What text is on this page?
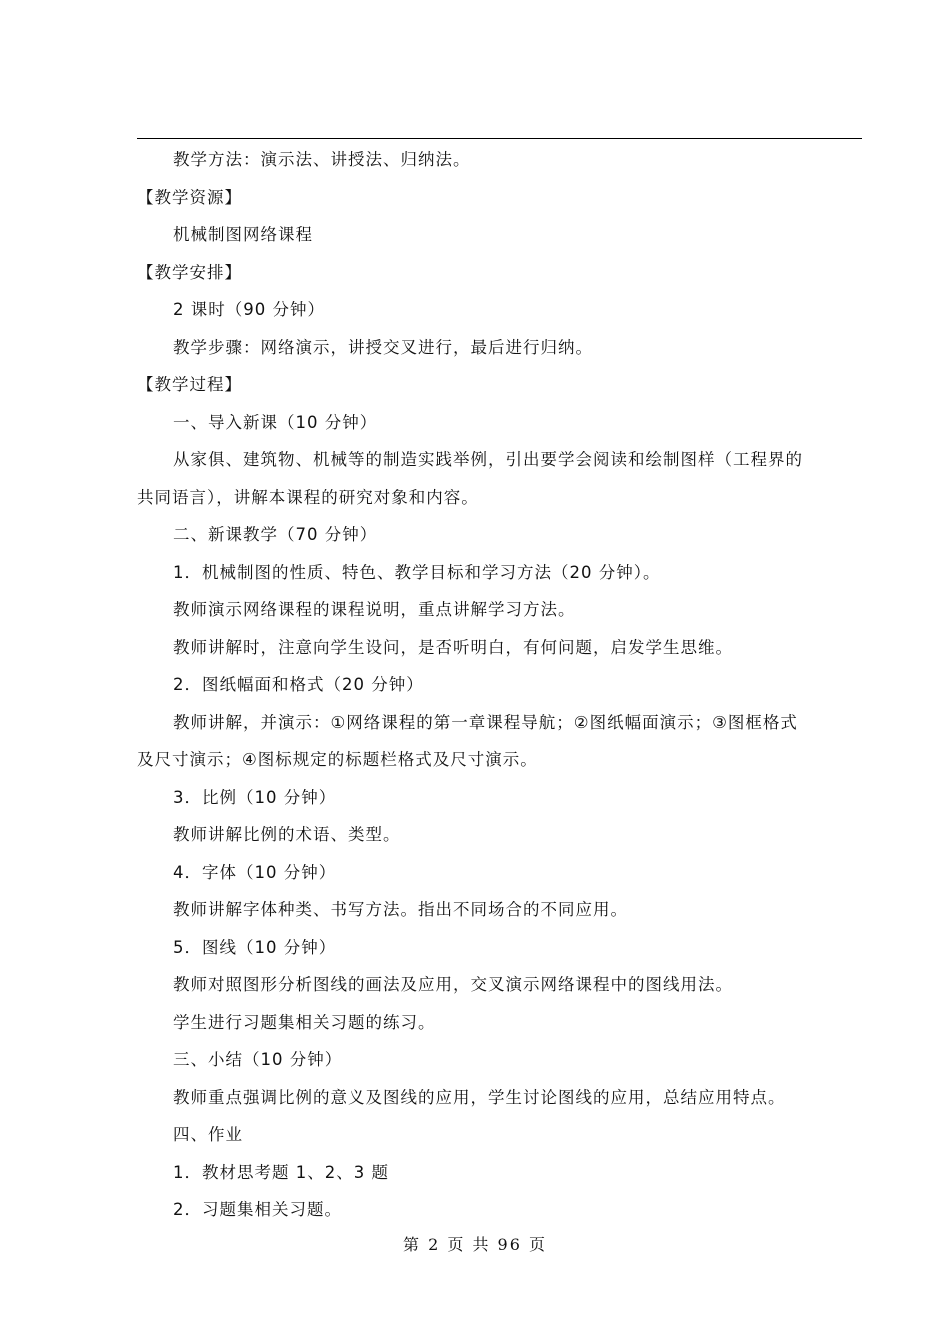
教学方法：演示法、讲授法、归纳法。
【教学资源】
机械制图网络课程
【教学安排】
2 课时（90 分钟）
教学步骤：网络演示，讲授交叉进行，最后进行归纳。
【教学过程】
一、导入新课（10 分钟）
从家俱、建筑物、机械等的制造实践举例，引出要学会阅读和绘制图样（工程界的
共同语言），讲解本课程的研究对象和内容。
二、新课教学（70 分钟）
1．机械制图的性质、特色、教学目标和学习方法（20 分钟）。
教师演示网络课程的课程说明，重点讲解学习方法。
教师讲解时，注意向学生设问，是否听明白，有何问题，启发学生思维。
2．图纸幅面和格式（20 分钟）
教师讲解，并演示：①网络课程的第一章课程导航；②图纸幅面演示；③图框格式
及尺寸演示；④图标规定的标题栏格式及尺寸演示。
3．比例（10 分钟）
教师讲解比例的术语、类型。
4．字体（10 分钟）
教师讲解字体种类、书写方法。指出不同场合的不同应用。
5．图线（10 分钟）
教师对照图形分析图线的画法及应用，交叉演示网络课程中的图线用法。
学生进行习题集相关习题的练习。
三、小结（10 分钟）
教师重点强调比例的意义及图线的应用，学生讨论图线的应用，总结应用特点。
四、作业
1．教材思考题 1、2、3 题
2．习题集相关习题。
第 2 页 共 96 页
